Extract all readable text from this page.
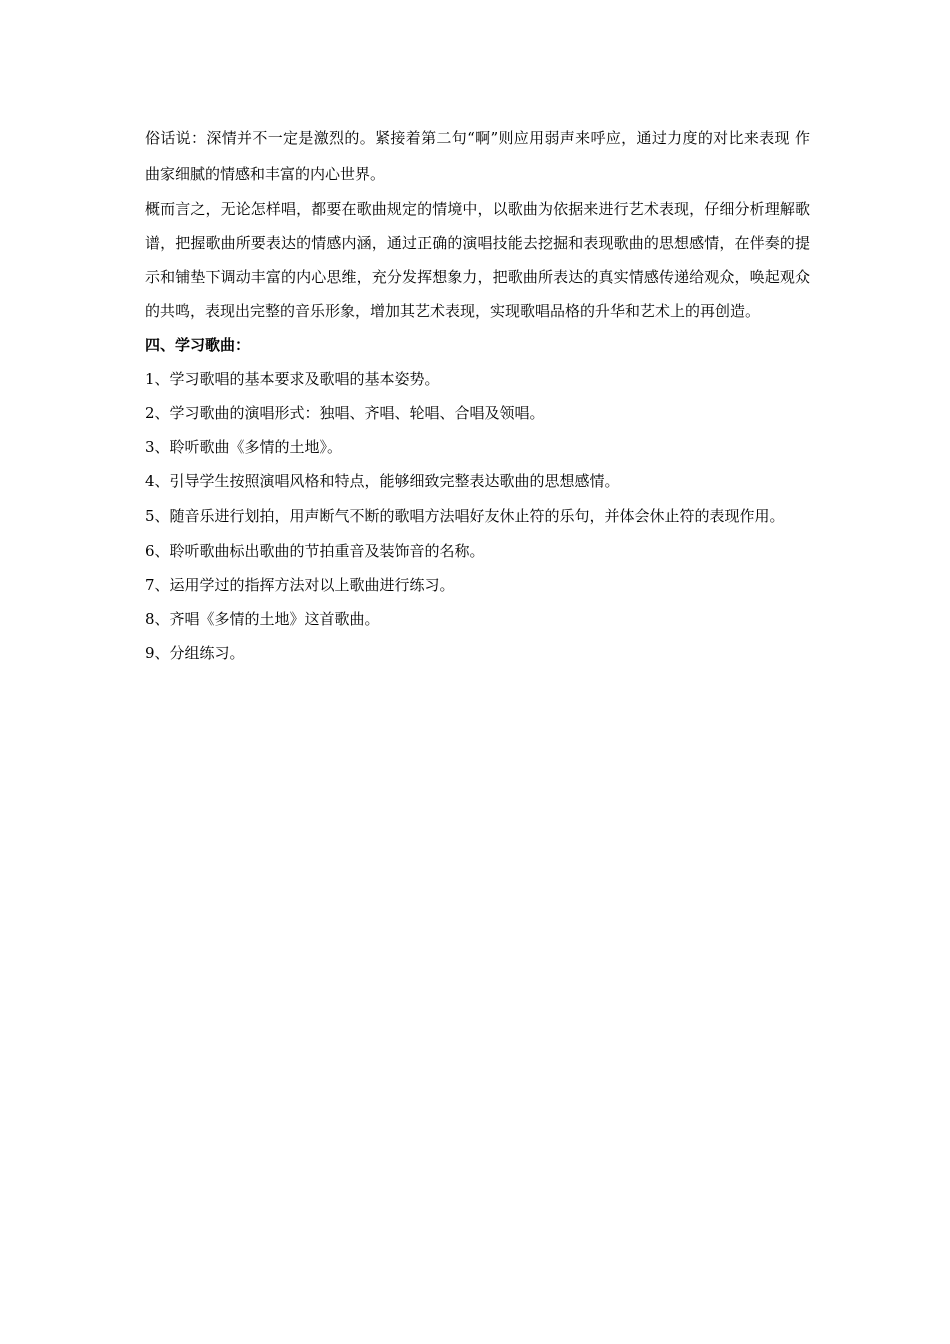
俗话说：深情并不一定是激烈的。紧接着第二句“啊”则应用弱声来呼应，通过力度的对比来表现 作曲家细腻的情感和丰富的内心世界。

概而言之，无论怎样唱，都要在歌曲规定的情境中，以歌曲为依据来进行艺术表现，仔细分析理解歌谱，把握歌曲所要表达的情感内涵，通过正确的演唱技能去挖掘和表现歌曲的思想感情，在伴奏的提示和铺垫下调动丰富的内心思维，充分发挥想象力，把歌曲所表达的真实情感传递给观众，唤起观众的共鸣，表现出完整的音乐形象，增加其艺术表现，实现歌唱品格的升华和艺术上的再创造。

四、学习歌曲：

1、学习歌唱的基本要求及歌唱的基本姿势。
2、学习歌曲的演唱形式：独唱、齐唱、轮唱、合唱及领唱。
3、聆听歌曲《多情的土地》。
4、引导学生按照演唱风格和特点，能够细致完整表达歌曲的思想感情。
5、随音乐进行划拍，用声断气不断的歌唱方法唱好友休止符的乐句，并体会休止符的表现作用。
6、聆听歌曲标出歌曲的节拍重音及装饰音的名称。
7、运用学过的指挥方法对以上歌曲进行练习。
8、齐唱《多情的土地》这首歌曲。
9、分组练习。
